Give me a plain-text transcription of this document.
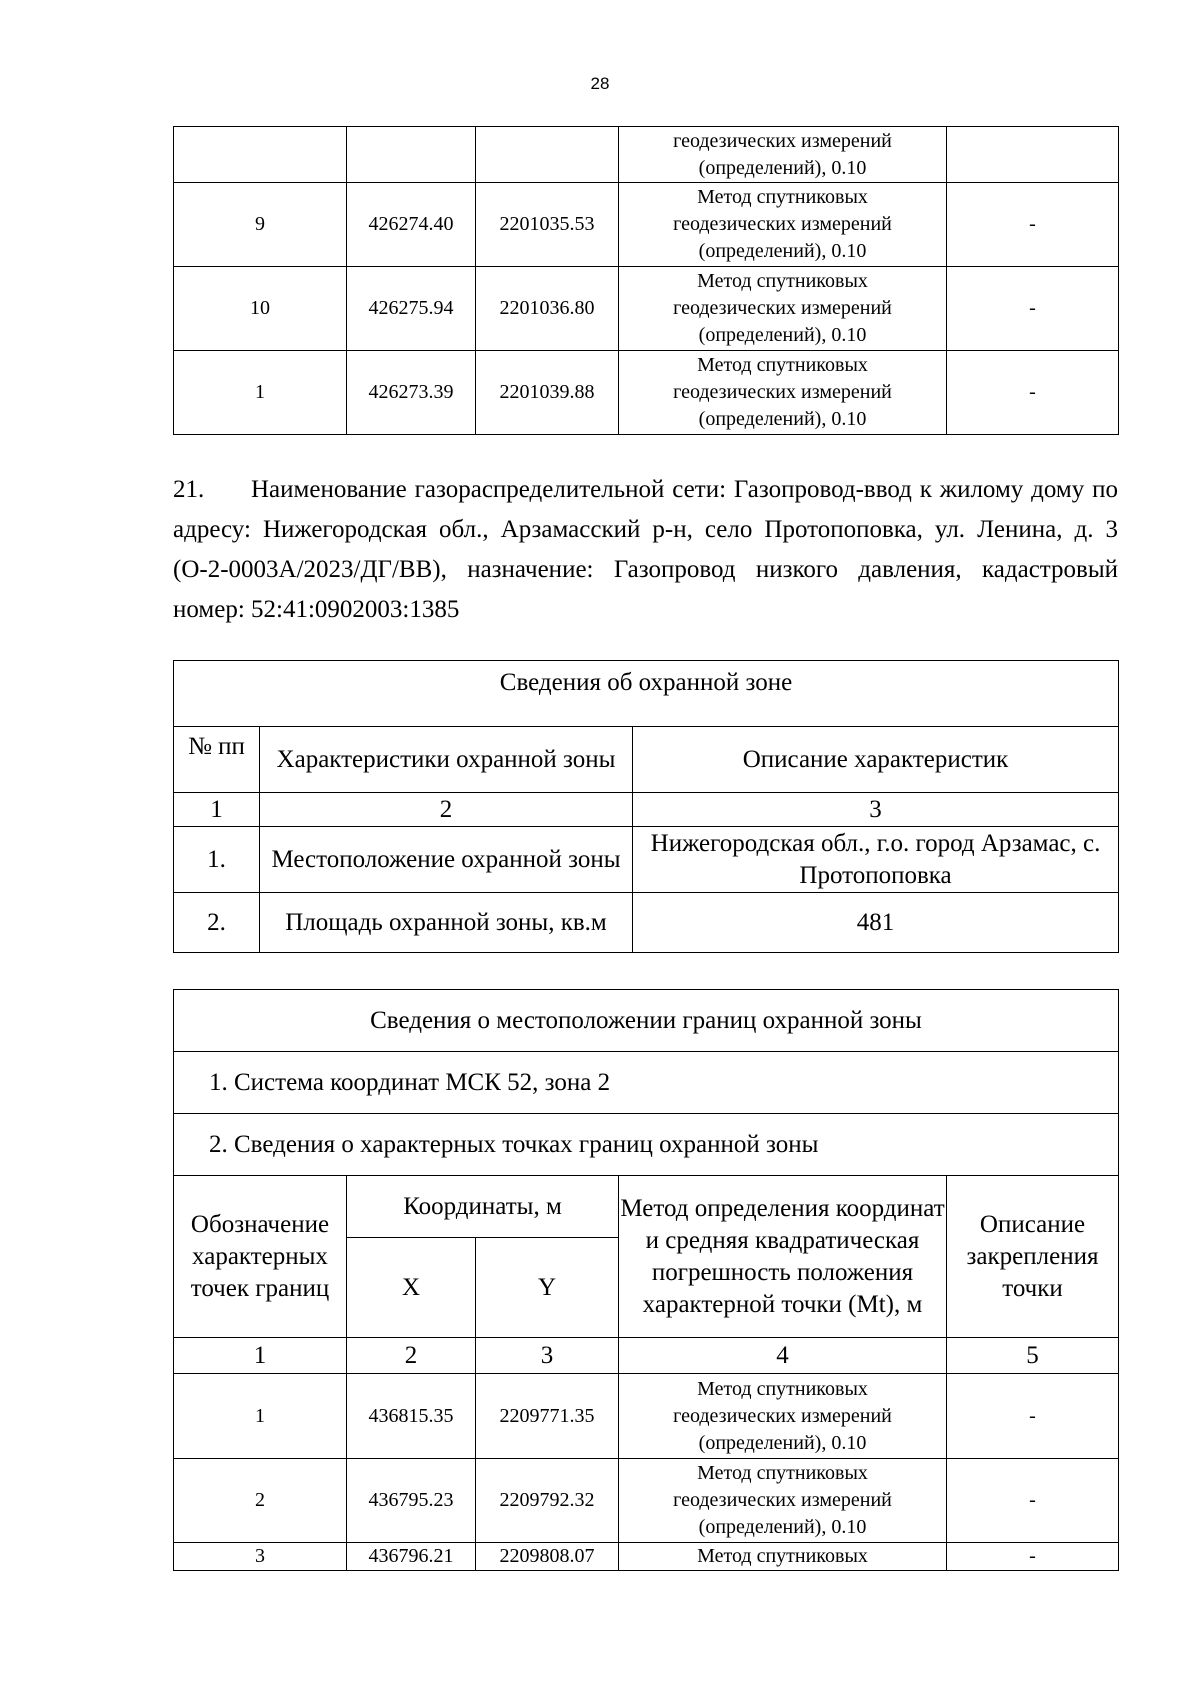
28

			геодезических измерений
(определений), 0.10	

9	426274.40	2201035.53	Метод спутниковых
геодезических измерений
(определений), 0.10	-
10	426275.94	2201036.80	Метод спутниковых
геодезических измерений
(определений), 0.10	-
1	426273.39	2201039.88	Метод спутниковых
геодезических измерений
(определений), 0.10	-
21. Наименование газораспределительной сети: Газопровод-ввод к жилому дому по адресу: Нижегородская обл., Арзамасский р-н, село Протопоповка, ул. Ленина, д. 3 (О-2-0003А/2023/ДГ/ВВ), назначение: Газопровод низкого давления, кадастровый номер: 52:41:0902003:1385
Сведения об охранной зоне		
№ пп	Характеристики охранной зоны	Описание характеристик
1	2	3
1.	Местоположение охранной зоны	Нижегородская обл., г.о. город Арзамас, с. Протопоповка
2.	Площадь охранной зоны, кв.м	481
Сведения о местоположении границ охранной зоны				
1. Система координат МСК 52, зона 2				
2. Сведения о характерных точках границ охранной зоны				
Обозначение характерных точек границ	Координаты, м		Метод определения координат и средняя квадратическая погрешность положения характерной точки (Mt), м	Описание закрепления точки
	X	Y		
1	2	3	4	5
1	436815.35	2209771.35	Метод спутниковых
геодезических измерений
(определений), 0.10	-
2	436795.23	2209792.32	Метод спутниковых
геодезических измерений
(определений), 0.10	-
3	436796.21	2209808.07	Метод спутниковых	-
